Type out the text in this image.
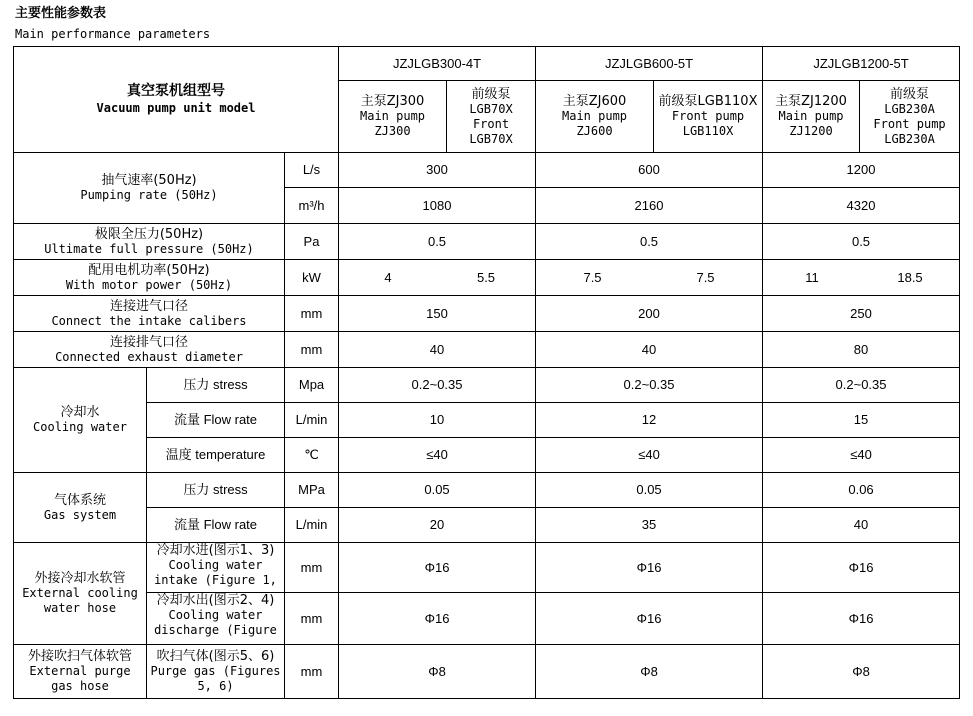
主要性能参数表
Main performance parameters
真空泵机组型号
Vacuum pump unit model			JZJLGB300-4T		JZJLGB600-5T		JZJLGB1200-5T	

			主泵ZJ300
Main pump
ZJ300	前级泵
LGB70X
Front
LGB70X	主泵ZJ600
Main pump
ZJ600	前级泵LGB110X
Front pump
LGB110X	主泵ZJ1200
Main pump
ZJ1200	前级泵
LGB230A
Front pump
LGB230A

抽气速率(50Hz)
Pumping rate (50Hz)		L/s	300		600		1200	
		m³/h	1080		2160		4320	

极限全压力(50Hz)
Ultimate full pressure (50Hz)		Pa	0.5		0.5		0.5	

配用电机功率(50Hz)
With motor power (50Hz)		kW	4 5.5		7.5 7.5		11 18.5	

连接进气口径
Connect the intake calibers		mm	150		200		250	

连接排气口径
Connected exhaust diameter		mm	40		40		80	

冷却水
Cooling water	压力 stress	Mpa	0.2~0.35		0.2~0.35		0.2~0.35	
	流量 Flow rate	L/min	10		12		15	
	温度 temperature	℃	≤40		≤40		≤40	

气体系统
Gas system	压力 stress	MPa	0.05		0.05		0.06	
	流量 Flow rate	L/min	20		35		40	

外接冷却水软管
External cooling
water hose	冷却水进(图示1、3)
Cooling water
intake (Figure 1,	mm	Φ16		Φ16		Φ16	

	冷却水出(图示2、4)
Cooling water
discharge (Figure	mm	Φ16		Φ16		Φ16	

外接吹扫气体软管
External purge
gas hose	吹扫气体(图示5、6)
Purge gas (Figures
5, 6)	mm	Φ8		Φ8		Φ8	
